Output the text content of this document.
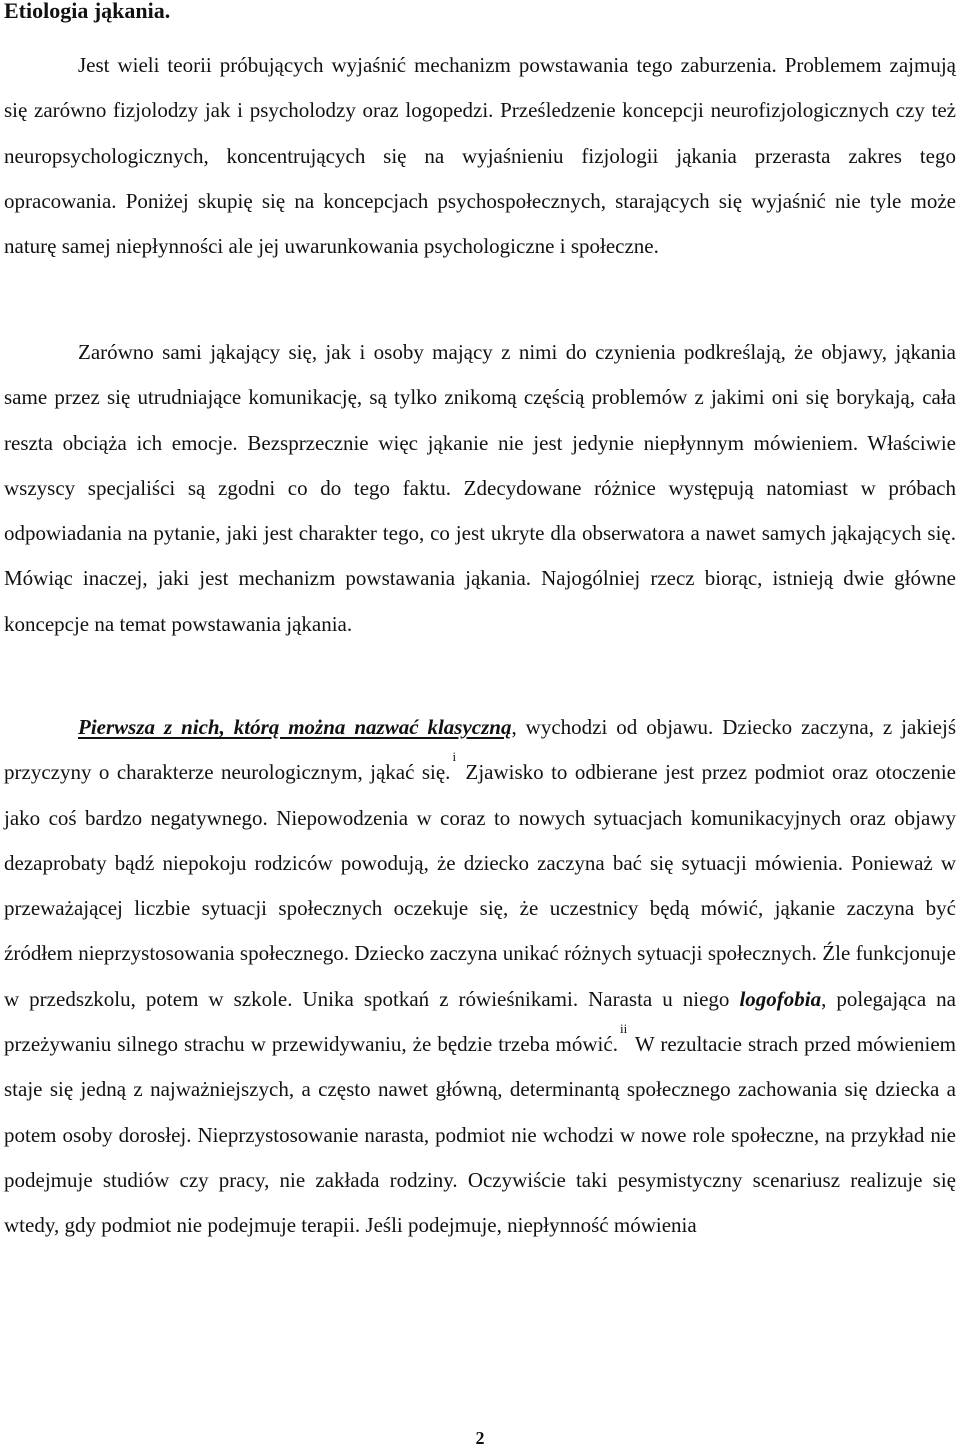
Etiologia jąkania.

Jest wieli teorii próbujących wyjaśnić mechanizm powstawania tego zaburzenia. Problemem zajmują się zarówno fizjolodzy jak i psycholodzy oraz logopedzi. Prześledzenie koncepcji neurofizjologicznych czy też neuropsychologicznych, koncentrujących się na wyjaśnieniu fizjologii jąkania przerasta zakres tego opracowania. Poniżej skupię się na koncepcjach psychospołecznych, starających się wyjaśnić nie tyle może naturę samej niepłynności ale jej uwarunkowania psychologiczne i społeczne.

Zarówno sami jąkający się, jak i osoby mający z nimi do czynienia podkreślają, że objawy, jąkania same przez się utrudniające komunikację, są tylko znikomą częścią problemów z jakimi oni się borykają, cała reszta obciąża ich emocje. Bezsprzecznie więc jąkanie nie jest jedynie niepłynnym mówieniem. Właściwie wszyscy specjaliści są zgodni co do tego faktu. Zdecydowane różnice występują natomiast w próbach odpowiadania na pytanie, jaki jest charakter tego, co jest ukryte dla obserwatora a nawet samych jąkających się. Mówiąc inaczej, jaki jest mechanizm powstawania jąkania. Najogólniej rzecz biorąc, istnieją dwie główne koncepcje na temat powstawania jąkania.

Pierwsza z nich, którą można nazwać klasyczną, wychodzi od objawu. Dziecko zaczyna, z jakiejś przyczyny o charakterze neurologicznym, jąkać się.$^i$ Zjawisko to odbierane jest przez podmiot oraz otoczenie jako coś bardzo negatywnego. Niepowodzenia w coraz to nowych sytuacjach komunikacyjnych oraz objawy dezaprobaty bądź niepokoju rodziców powodują, że dziecko zaczyna bać się sytuacji mówienia. Ponieważ w przeważającej liczbie sytuacji społecznych oczekuje się, że uczestnicy będą mówić, jąkanie zaczyna być źródłem nieprzystosowania społecznego. Dziecko zaczyna unikać różnych sytuacji społecznych. Źle funkcjonuje w przedszkolu, potem w szkole. Unika spotkań z rówieśnikami. Narasta u niego logofobia, polegająca na przeżywaniu silnego strachu w przewidywaniu, że będzie trzeba mówić.$^{ii}$ W rezultacie strach przed mówieniem staje się jedną z najważniejszych, a często nawet główną, determinantą społecznego zachowania się dziecka a potem osoby dorosłej. Nieprzystosowanie narasta, podmiot nie wchodzi w nowe role społeczne, na przykład nie podejmuje studiów czy pracy, nie zakłada rodziny. Oczywiście taki pesymistyczny scenariusz realizuje się wtedy, gdy podmiot nie podejmuje terapii. Jeśli podejmuje, niepłynność mówienia

2
